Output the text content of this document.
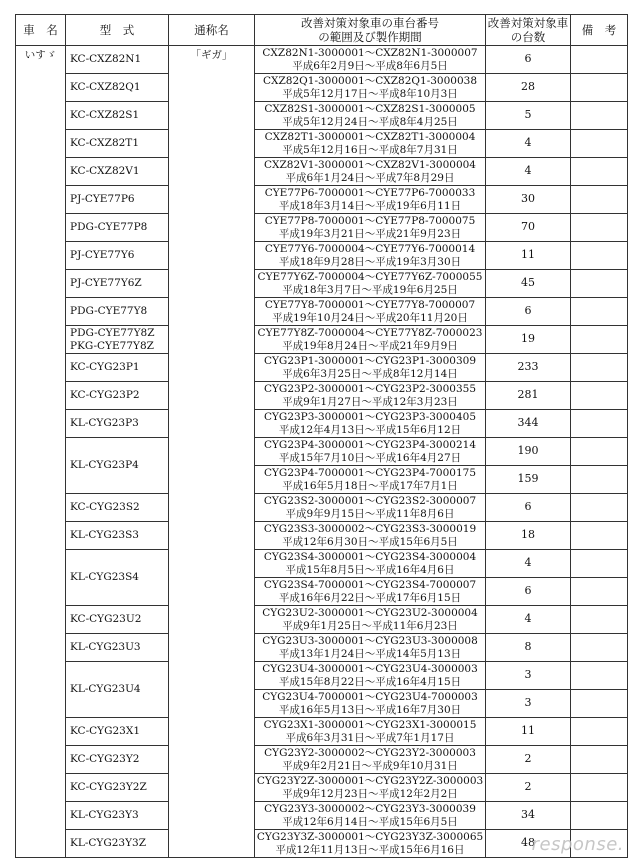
車　名	型　式	通称名	改善対策対象車の車台番号
の範囲及び製作期間	改善対策対象車
の台数	備　考
いすゞ	KC-CXZ82N1	「ギガ」	CXZ82N1-3000001〜CXZ82N1-3000007
平成6年2月9日〜平成8年6月5日	6	

	KC-CXZ82Q1		CXZ82Q1-3000001〜CXZ82Q1-3000038
平成5年12月17日〜平成8年10月3日	28	

	KC-CXZ82S1		CXZ82S1-3000001〜CXZ82S1-3000005
平成5年12月24日〜平成8年4月25日	5	

	KC-CXZ82T1		CXZ82T1-3000001〜CXZ82T1-3000004
平成5年12月16日〜平成8年7月31日	4	

	KC-CXZ82V1		CXZ82V1-3000001〜CXZ82V1-3000004
平成6年1月24日〜平成7年8月29日	4	

	PJ-CYE77P6		CYE77P6-7000001〜CYE77P6-7000033
平成18年3月14日〜平成19年6月11日	30	

	PDG-CYE77P8		CYE77P8-7000001〜CYE77P8-7000075
平成19年3月21日〜平成21年9月23日	70	

	PJ-CYE77Y6		CYE77Y6-7000004〜CYE77Y6-7000014
平成18年9月28日〜平成19年3月30日	11	

	PJ-CYE77Y6Z		CYE77Y6Z-7000004〜CYE77Y6Z-7000055
平成18年3月7日〜平成19年6月25日	45	

	PDG-CYE77Y8		CYE77Y8-7000001〜CYE77Y8-7000007
平成19年10月24日〜平成20年11月20日	6	

	PDG-CYE77Y8Z
PKG-CYE77Y8Z		CYE77Y8Z-7000004〜CYE77Y8Z-7000023
平成19年8月24日〜平成21年9月9日	19	

	KC-CYG23P1		CYG23P1-3000001〜CYG23P1-3000309
平成6年3月25日〜平成8年12月14日	233	

	KC-CYG23P2		CYG23P2-3000001〜CYG23P2-3000355
平成9年1月27日〜平成12年3月23日	281	

	KL-CYG23P3		CYG23P3-3000001〜CYG23P3-3000405
平成12年4月13日〜平成15年6月12日	344	

	KL-CYG23P4		CYG23P4-3000001〜CYG23P4-3000214
平成15年7月10日〜平成16年4月27日	190	

			CYG23P4-7000001〜CYG23P4-7000175
平成16年5月18日〜平成17年7月1日	159	

	KC-CYG23S2		CYG23S2-3000001〜CYG23S2-3000007
平成9年9月15日〜平成11年8月6日	6	

	KL-CYG23S3		CYG23S3-3000002〜CYG23S3-3000019
平成12年6月30日〜平成15年6月5日	18	

	KL-CYG23S4		CYG23S4-3000001〜CYG23S4-3000004
平成15年8月5日〜平成16年4月6日	4	

			CYG23S4-7000001〜CYG23S4-7000007
平成16年6月22日〜平成17年6月15日	6	

	KC-CYG23U2		CYG23U2-3000001〜CYG23U2-3000004
平成9年1月25日〜平成11年6月23日	4	

	KL-CYG23U3		CYG23U3-3000001〜CYG23U3-3000008
平成13年1月24日〜平成14年5月13日	8	

	KL-CYG23U4		CYG23U4-3000001〜CYG23U4-3000003
平成15年8月22日〜平成16年4月15日	3	

			CYG23U4-7000001〜CYG23U4-7000003
平成16年5月13日〜平成16年7月30日	3	

	KC-CYG23X1		CYG23X1-3000001〜CYG23X1-3000015
平成6年3月31日〜平成7年1月17日	11	

	KC-CYG23Y2		CYG23Y2-3000002〜CYG23Y2-3000003
平成9年2月21日〜平成9年10月31日	2	

	KC-CYG23Y2Z		CYG23Y2Z-3000001〜CYG23Y2Z-3000003
平成9年12月23日〜平成12年2月2日	2	

	KL-CYG23Y3		CYG23Y3-3000002〜CYG23Y3-3000039
平成12年6月14日〜平成15年6月5日	34	

	KL-CYG23Y3Z		CYG23Y3Z-3000001〜CYG23Y3Z-3000065
平成12年11月13日〜平成15年6月16日	48	
response.
